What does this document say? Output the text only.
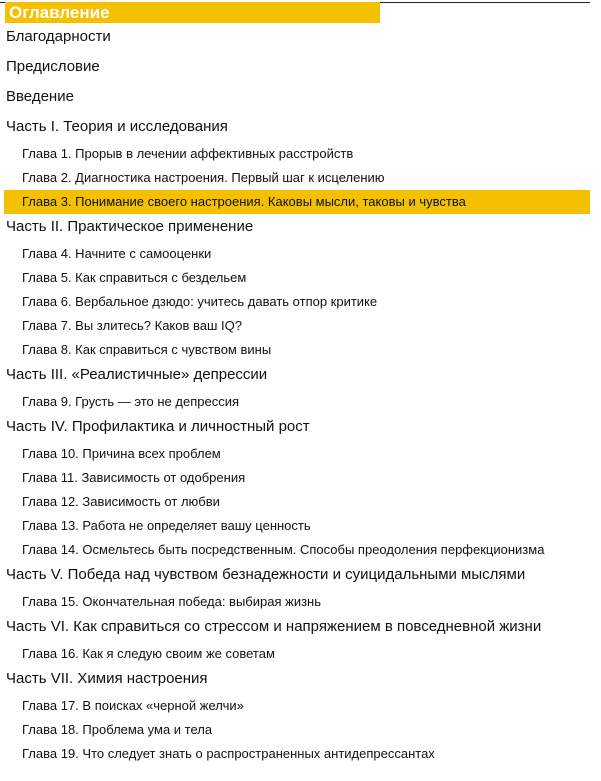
Оглавление
Благодарности
Предисловие
Введение
Часть I. Теория и исследования
Глава 1. Прорыв в лечении аффективных расстройств
Глава 2. Диагностика настроения. Первый шаг к исцелению
Глава 3. Понимание своего настроения. Каковы мысли, таковы и чувства
Часть II. Практическое применение
Глава 4. Начните с самооценки
Глава 5. Как справиться с бездельем
Глава 6. Вербальное дзюдо: учитесь давать отпор критике
Глава 7. Вы злитесь? Каков ваш IQ?
Глава 8. Как справиться с чувством вины
Часть III. «Реалистичные» депрессии
Глава 9. Грусть — это не депрессия
Часть IV. Профилактика и личностный рост
Глава 10. Причина всех проблем
Глава 11. Зависимость от одобрения
Глава 12. Зависимость от любви
Глава 13. Работа не определяет вашу ценность
Глава 14. Осмельтесь быть посредственным. Способы преодоления перфекционизма
Часть V. Победа над чувством безнадежности и суицидальными мыслями
Глава 15. Окончательная победа: выбирая жизнь
Часть VI. Как справиться со стрессом и напряжением в повседневной жизни
Глава 16. Как я следую своим же советам
Часть VII. Химия настроения
Глава 17. В поисках «черной желчи»
Глава 18. Проблема ума и тела
Глава 19. Что следует знать о распространенных антидепрессантах
